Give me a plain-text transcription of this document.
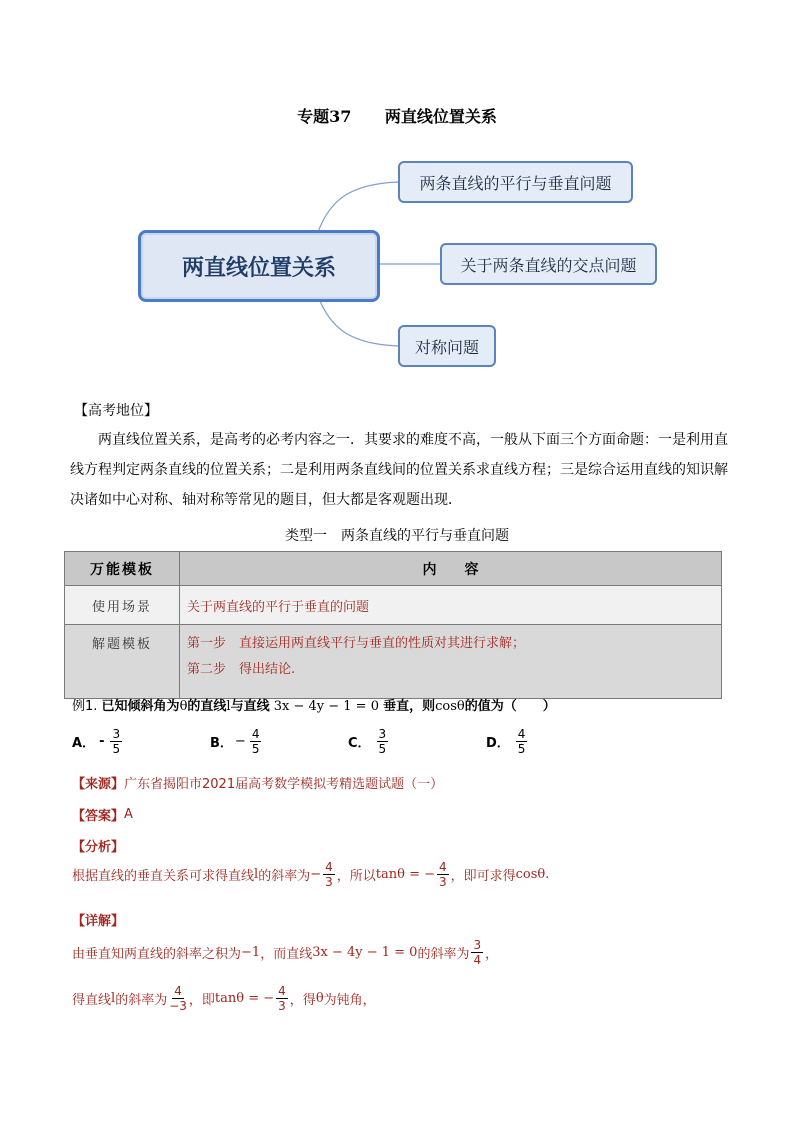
专题37 两直线位置关系
两直线位置关系
两条直线的平行与垂直问题
关于两条直线的交点问题
对称问题
【高考地位】
两直线位置关系，是高考的必考内容之一．其要求的难度不高，一般从下面三个方面命题：一是利用直线方程判定两条直线的位置关系；二是利用两条直线间的位置关系求直线方程；三是综合运用直线的知识解决诸如中心对称、轴对称等常见的题目，但大都是客观题出现．
类型一　两条直线的平行与垂直问题
万能模板	内　　容
使用场景	关于两直线的平行于垂直的问题
解题模板	第一步　直接运用两直线平行与垂直的性质对其进行求解；
第二步　得出结论.
例1. 已知倾斜角为θ的直线l与直线 3x − 4y − 1 = 0 垂直，则cosθ的值为（　　）
A． - $\frac{3}{5}$	B． − $\frac{4}{5}$	C． $\frac{3}{5}$	D． $\frac{4}{5}$
【来源】 广东省揭阳市2021届高考数学模拟考精选题试题（一）
【答案】 A
【分析】
根据直线的垂直关系可求得直线 l 的斜率为 − $\frac{4}{3}$ ，所以 tanθ = − $\frac{4}{3}$ ，即可求得 cosθ .
【详解】
由垂直知两直线的斜率之积为 −1 ，而直线 3x − 4y − 1 = 0 的斜率为 $\frac{3}{4}$ ，
得直线 l 的斜率为 $\frac{4}{-3}$ ，即 tanθ = − $\frac{4}{3}$ ，得 θ 为钝角，
